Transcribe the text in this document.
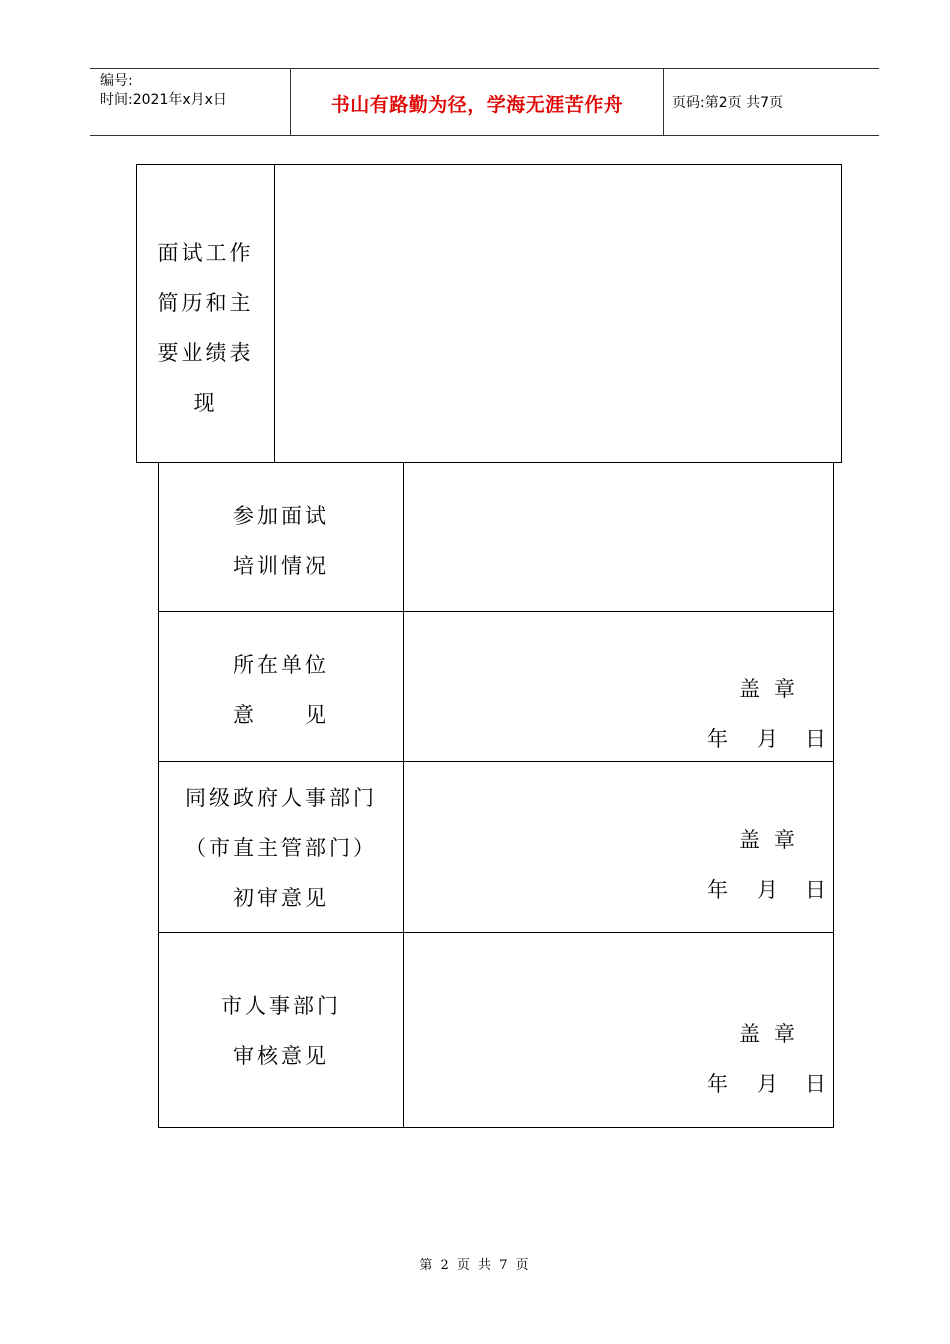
编号:
时间:2021年x月x日	书山有路勤为径，学海无涯苦作舟	页码:第2页 共7页
面试工作
简历和主
要业绩表
现
参加面试
培训情况
所在单位
意　　见
盖章
年 月 日
同级政府人事部门
（市直主管部门）
初审意见
盖章
年 月 日
市人事部门
审核意见
盖章
年 月 日
第 2 页 共 7 页
